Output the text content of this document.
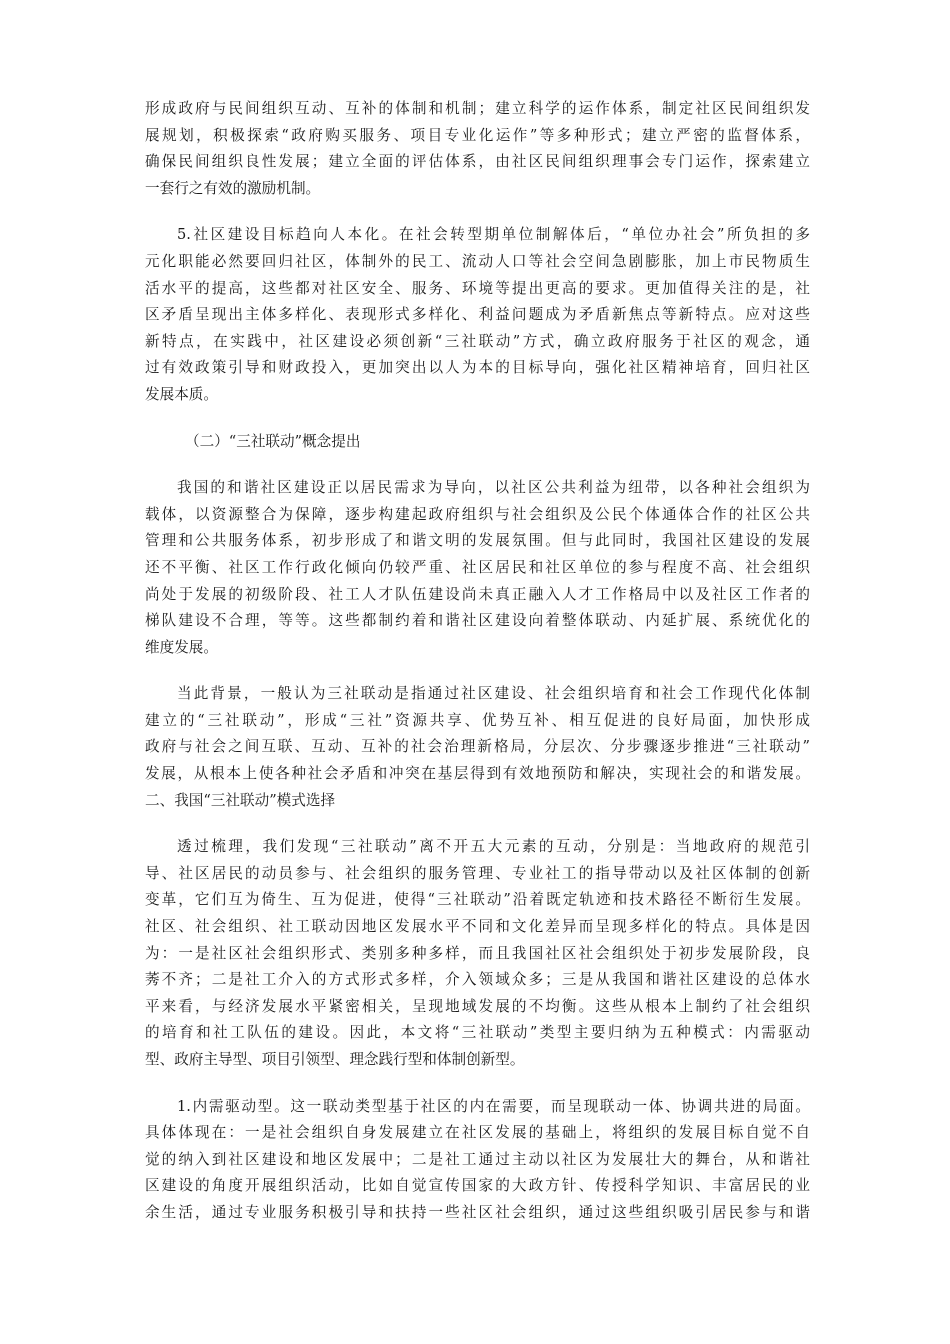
形成政府与民间组织互动、互补的体制和机制；建立科学的运作体系，制定社区民间组织发
展规划，积极探索“政府购买服务、项目专业化运作”等多种形式；建立严密的监督体系，
确保民间组织良性发展；建立全面的评估体系，由社区民间组织理事会专门运作，探索建立
一套行之有效的激励机制。
5.社区建设目标趋向人本化。在社会转型期单位制解体后，“单位办社会”所负担的多
元化职能必然要回归社区，体制外的民工、流动人口等社会空间急剧膨胀，加上市民物质生
活水平的提高，这些都对社区安全、服务、环境等提出更高的要求。更加值得关注的是，社
区矛盾呈现出主体多样化、表现形式多样化、利益问题成为矛盾新焦点等新特点。应对这些
新特点，在实践中，社区建设必须创新“三社联动”方式，确立政府服务于社区的观念，通
过有效政策引导和财政投入，更加突出以人为本的目标导向，强化社区精神培育，回归社区
发展本质。
（二）“三社联动”概念提出
我国的和谐社区建设正以居民需求为导向，以社区公共利益为纽带，以各种社会组织为
载体，以资源整合为保障，逐步构建起政府组织与社会组织及公民个体通体合作的社区公共
管理和公共服务体系，初步形成了和谐文明的发展氛围。但与此同时，我国社区建设的发展
还不平衡、社区工作行政化倾向仍较严重、社区居民和社区单位的参与程度不高、社会组织
尚处于发展的初级阶段、社工人才队伍建设尚未真正融入人才工作格局中以及社区工作者的
梯队建设不合理，等等。这些都制约着和谐社区建设向着整体联动、内延扩展、系统优化的
维度发展。
当此背景，一般认为三社联动是指通过社区建设、社会组织培育和社会工作现代化体制
建立的“三社联动”，形成“三社”资源共享、优势互补、相互促进的良好局面，加快形成
政府与社会之间互联、互动、互补的社会治理新格局，分层次、分步骤逐步推进“三社联动”
发展，从根本上使各种社会矛盾和冲突在基层得到有效地预防和解决，实现社会的和谐发展。
二、我国“三社联动”模式选择
透过梳理，我们发现“三社联动”离不开五大元素的互动，分别是：当地政府的规范引
导、社区居民的动员参与、社会组织的服务管理、专业社工的指导带动以及社区体制的创新
变革，它们互为倚生、互为促进，使得“三社联动”沿着既定轨迹和技术路径不断衍生发展。
社区、社会组织、社工联动因地区发展水平不同和文化差异而呈现多样化的特点。具体是因
为：一是社区社会组织形式、类别多种多样，而且我国社区社会组织处于初步发展阶段，良
莠不齐；二是社工介入的方式形式多样，介入领域众多；三是从我国和谐社区建设的总体水
平来看，与经济发展水平紧密相关，呈现地域发展的不均衡。这些从根本上制约了社会组织
的培育和社工队伍的建设。因此，本文将“三社联动”类型主要归纳为五种模式：内需驱动
型、政府主导型、项目引领型、理念践行型和体制创新型。
1.内需驱动型。这一联动类型基于社区的内在需要，而呈现联动一体、协调共进的局面。
具体体现在：一是社会组织自身发展建立在社区发展的基础上，将组织的发展目标自觉不自
觉的纳入到社区建设和地区发展中；二是社工通过主动以社区为发展壮大的舞台，从和谐社
区建设的角度开展组织活动，比如自觉宣传国家的大政方针、传授科学知识、丰富居民的业
余生活，通过专业服务积极引导和扶持一些社区社会组织，通过这些组织吸引居民参与和谐
